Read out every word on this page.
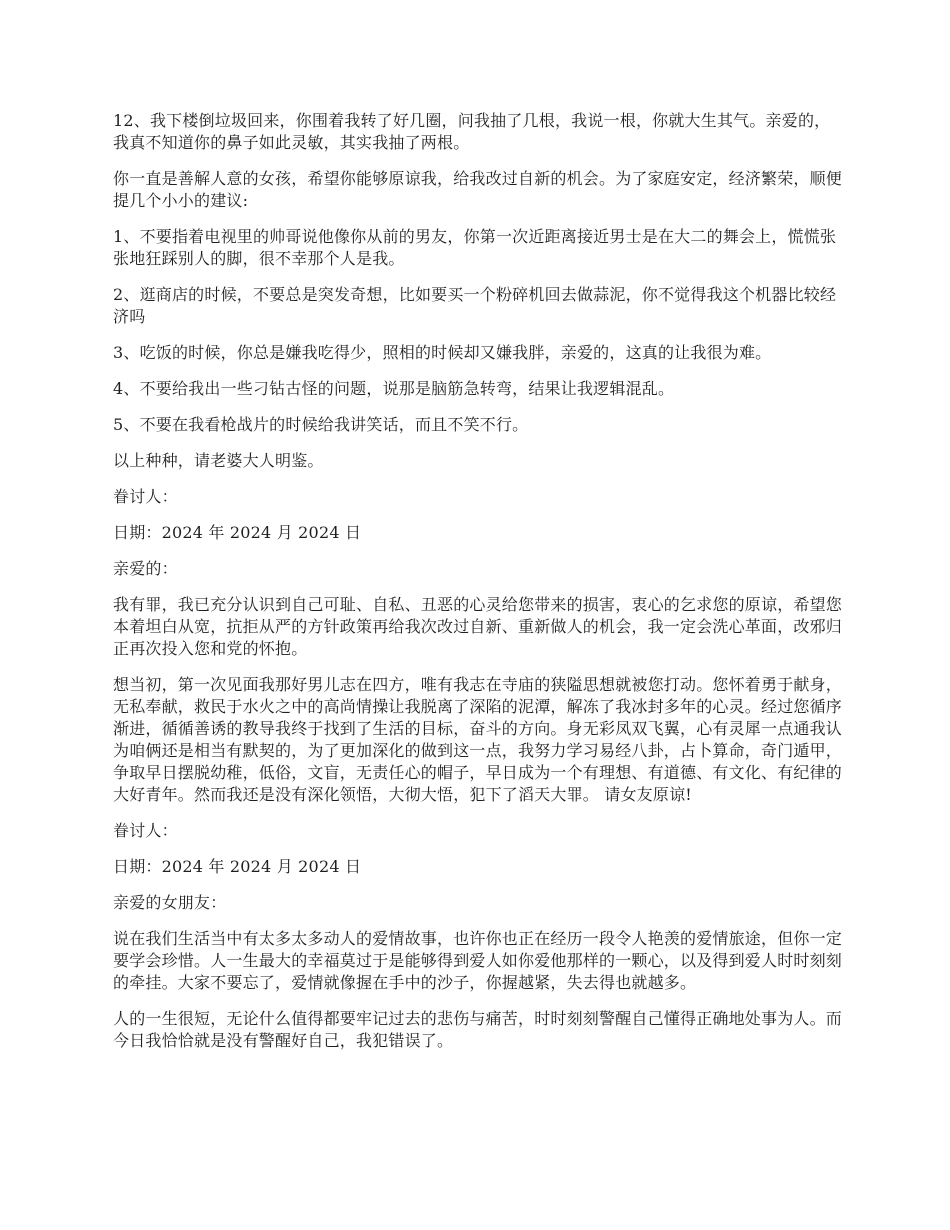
12、我下楼倒垃圾回来，你围着我转了好几圈，问我抽了几根，我说一根，你就大生其气。亲爱的，我真不知道你的鼻子如此灵敏，其实我抽了两根。

你一直是善解人意的女孩，希望你能够原谅我，给我改过自新的机会。为了家庭安定，经济繁荣，顺便提几个小小的建议:

1、不要指着电视里的帅哥说他像你从前的男友，你第一次近距离接近男士是在大二的舞会上，慌慌张张地狂踩别人的脚，很不幸那个人是我。

2、逛商店的时候，不要总是突发奇想，比如要买一个粉碎机回去做蒜泥，你不觉得我这个机器比较经济吗

3、吃饭的时候，你总是嫌我吃得少，照相的时候却又嫌我胖，亲爱的，这真的让我很为难。

4、不要给我出一些刁钻古怪的问题，说那是脑筋急转弯，结果让我逻辑混乱。

5、不要在我看枪战片的时候给我讲笑话，而且不笑不行。

以上种种，请老婆大人明鉴。

眷讨人：

日期：2024 年 2024 月 2024 日

亲爱的：

我有罪，我已充分认识到自己可耻、自私、丑恶的心灵给您带来的损害，衷心的乞求您的原谅，希望您本着坦白从宽，抗拒从严的方针政策再给我次改过自新、重新做人的机会，我一定会洗心革面，改邪归正再次投入您和党的怀抱。

想当初，第一次见面我那好男儿志在四方，唯有我志在寺庙的狭隘思想就被您打动。您怀着勇于献身，无私奉献，救民于水火之中的高尚情操让我脱离了深陷的泥潭，解冻了我冰封多年的心灵。经过您循序渐进，循循善诱的教导我终于找到了生活的目标，奋斗的方向。身无彩凤双飞翼，心有灵犀一点通我认为咱俩还是相当有默契的，为了更加深化的做到这一点，我努力学习易经八卦，占卜算命，奇门遁甲，争取早日摆脱幼稚，低俗，文盲，无责任心的帽子，早日成为一个有理想、有道德、有文化、有纪律的大好青年。然而我还是没有深化领悟，大彻大悟，犯下了滔天大罪。 请女友原谅!

眷讨人：

日期：2024 年 2024 月 2024 日

亲爱的女朋友：

说在我们生活当中有太多太多动人的爱情故事，也许你也正在经历一段令人艳羡的爱情旅途，但你一定要学会珍惜。人一生最大的幸福莫过于是能够得到爱人如你爱他那样的一颗心，以及得到爱人时时刻刻的牵挂。大家不要忘了，爱情就像握在手中的沙子，你握越紧，失去得也就越多。

人的一生很短，无论什么值得都要牢记过去的悲伤与痛苦，时时刻刻警醒自己懂得正确地处事为人。而今日我恰恰就是没有警醒好自己，我犯错误了。
